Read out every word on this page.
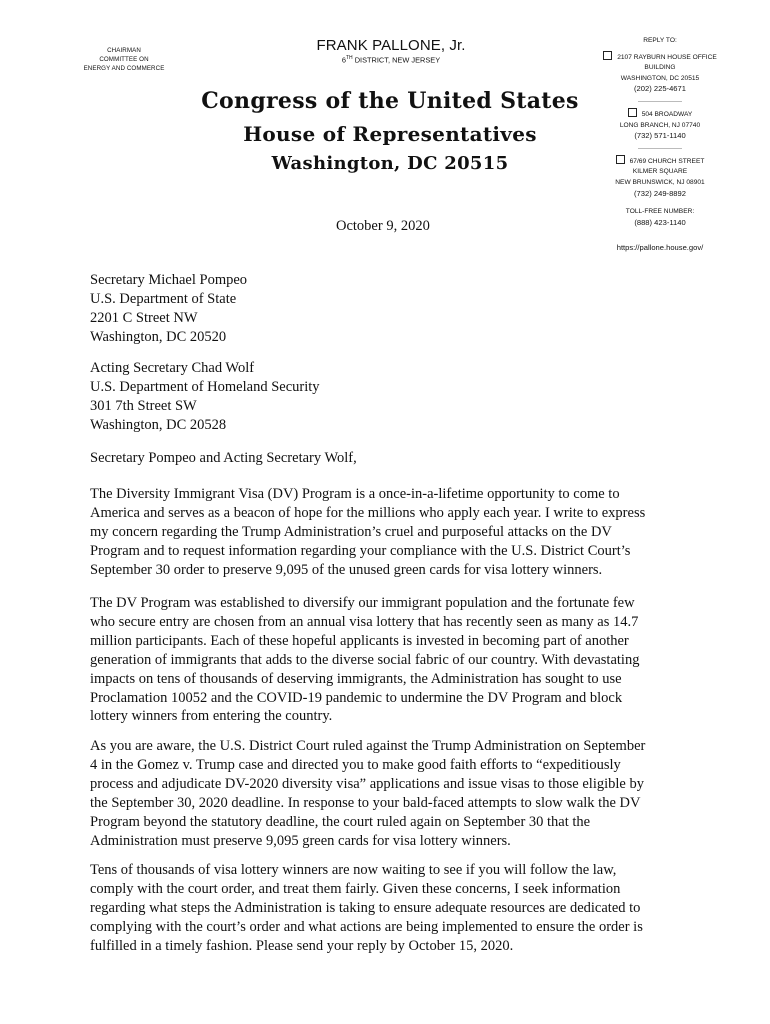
CHAIRMAN
COMMITTEE ON
ENERGY AND COMMERCE
FRANK PALLONE, Jr.
6TH DISTRICT, NEW JERSEY
Congress of the United States
House of Representatives
Washington, DC 20515
October 9, 2020
REPLY TO:
2107 RAYBURN HOUSE OFFICE
BUILDING
WASHINGTON, DC 20515
(202) 225-4671
504 BROADWAY
LONG BRANCH, NJ 07740
(732) 571-1140
67/69 CHURCH STREET
KILMER SQUARE
NEW BRUNSWICK, NJ 08901
(732) 249-8892
TOLL-FREE NUMBER:
(888) 423-1140
https://pallone.house.gov/

Secretary Michael Pompeo

U.S. Department of State

2201 C Street NW

Washington, DC 20520

Acting Secretary Chad Wolf

U.S. Department of Homeland Security

301 7th Street SW

Washington, DC 20528

Secretary Pompeo and Acting Secretary Wolf,

The Diversity Immigrant Visa (DV) Program is a once-in-a-lifetime opportunity to come to

America and serves as a beacon of hope for the millions who apply each year. I write to express

my concern regarding the Trump Administration’s cruel and purposeful attacks on the DV

Program and to request information regarding your compliance with the U.S. District Court’s

September 30 order to preserve 9,095 of the unused green cards for visa lottery winners.

The DV Program was established to diversify our immigrant population and the fortunate few

who secure entry are chosen from an annual visa lottery that has recently seen as many as 14.7

million participants. Each of these hopeful applicants is invested in becoming part of another

generation of immigrants that adds to the diverse social fabric of our country. With devastating

impacts on tens of thousands of deserving immigrants, the Administration has sought to use

Proclamation 10052 and the COVID-19 pandemic to undermine the DV Program and block

lottery winners from entering the country.

As you are aware, the U.S. District Court ruled against the Trump Administration on September

4 in the Gomez v. Trump case and directed you to make good faith efforts to “expeditiously

process and adjudicate DV-2020 diversity visa” applications and issue visas to those eligible by

the September 30, 2020 deadline. In response to your bald-faced attempts to slow walk the DV

Program beyond the statutory deadline, the court ruled again on September 30 that the

Administration must preserve 9,095 green cards for visa lottery winners.

Tens of thousands of visa lottery winners are now waiting to see if you will follow the law,

comply with the court order, and treat them fairly. Given these concerns, I seek information

regarding what steps the Administration is taking to ensure adequate resources are dedicated to

complying with the court’s order and what actions are being implemented to ensure the order is

fulfilled in a timely fashion. Please send your reply by October 15, 2020.
